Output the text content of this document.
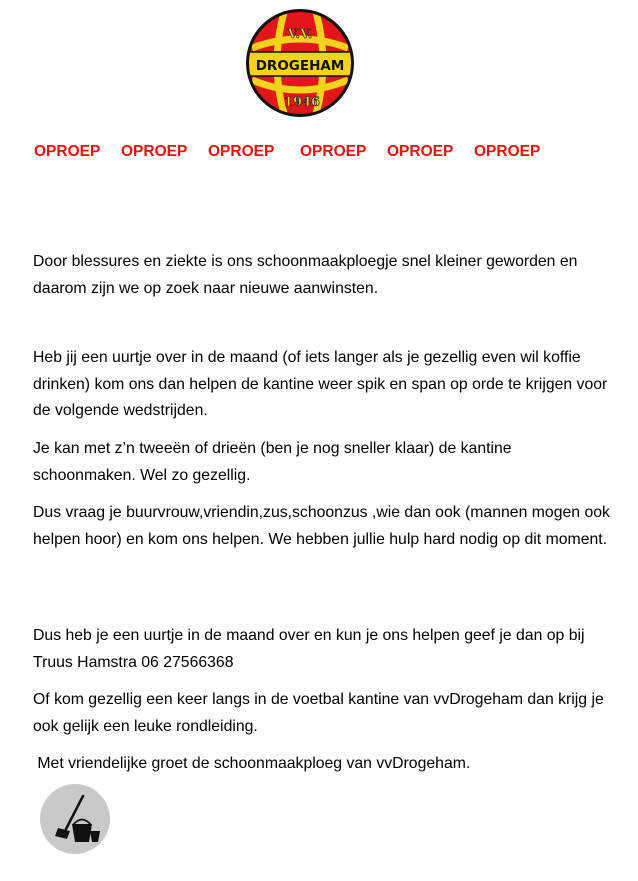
V.V.
DROGEHAM
1946
OPROEP OPROEP OPROEP OPROEP OPROEP OPROEP

Door blessures en ziekte is ons schoonmaakploegje snel kleiner geworden en daarom zijn we op zoek naar nieuwe aanwinsten.

Heb jij een uurtje over in de maand (of iets langer als je gezellig even wil koffie drinken) kom ons dan helpen de kantine weer spik en span op orde te krijgen voor de volgende wedstrijden.

Je kan met z’n tweeën of drieën (ben je nog sneller klaar) de kantine schoonmaken. Wel zo gezellig.

Dus vraag je buurvrouw,vriendin,zus,schoonzus ,wie dan ook (mannen mogen ook helpen hoor) en kom ons helpen. We hebben jullie hulp hard nodig op dit moment.

Dus heb je een uurtje in de maand over en kun je ons helpen geef je dan op bij Truus Hamstra 06 27566368

Of kom gezellig een keer langs in de voetbal kantine van vvDrogeham dan krijg je ook gelijk een leuke rondleiding.

Met vriendelijke groet de schoonmaakploeg van vvDrogeham.
